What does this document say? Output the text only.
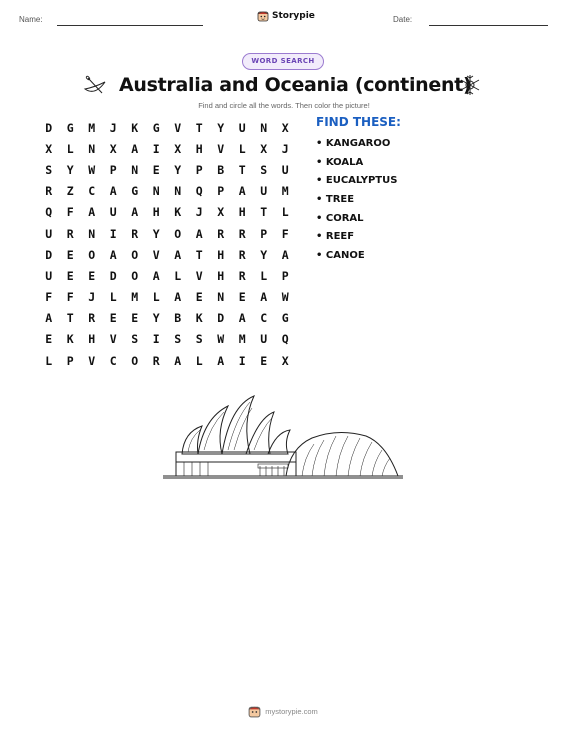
Name:	Storypie	Date:
WORD SEARCH
Australia and Oceania (continent)
Find and circle all the words. Then color the picture!
D	G	M	J	K	G	V	T	Y	U	N	X
X	L	N	X	A	I	X	H	V	L	X	J
S	Y	W	P	N	E	Y	P	B	T	S	U
R	Z	C	A	G	N	N	Q	P	A	U	M
Q	F	A	U	A	H	K	J	X	H	T	L
U	R	N	I	R	Y	O	A	R	R	P	F
D	E	O	A	O	V	A	T	H	R	Y	A
U	E	E	D	O	A	L	V	H	R	L	P
F	F	J	L	M	L	A	E	N	E	A	W
A	T	R	E	E	Y	B	K	D	A	C	G
E	K	H	V	S	I	S	S	W	M	U	Q
L	P	V	C	O	R	A	L	A	I	E	X
FIND THESE:
• KANGAROO
• KOALA
• EUCALYPTUS
• TREE
• CORAL
• REEF
• CANOE
mystorypie.com
